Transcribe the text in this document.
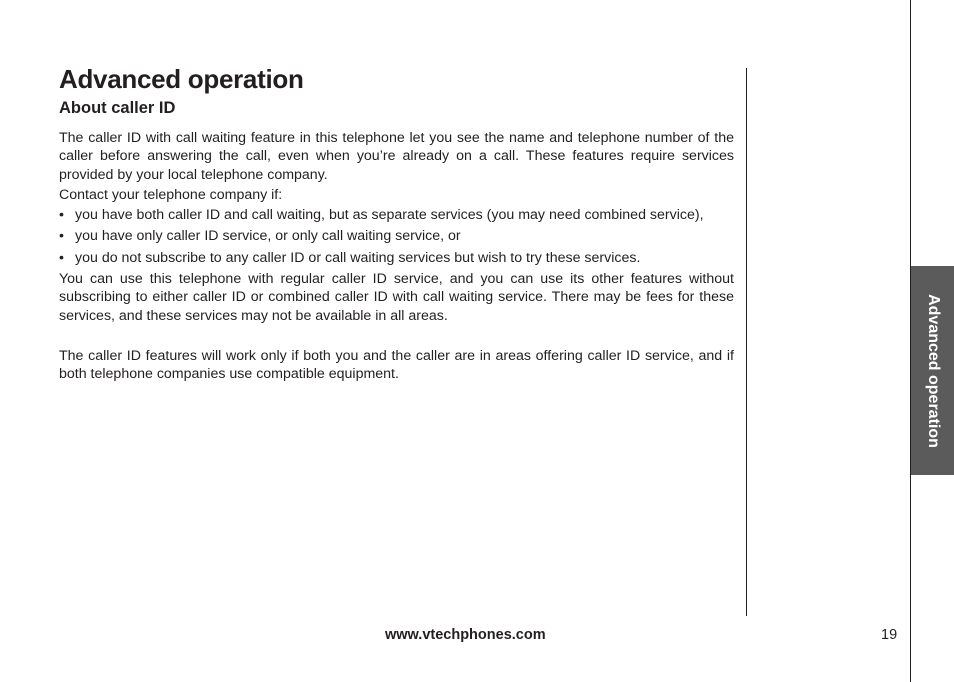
Advanced operation
About caller ID

The caller ID with call waiting feature in this telephone let you see the name and telephone number of the caller before answering the call, even when you’re already on a call. These features require services provided by your local telephone company.

Contact your telephone company if:

• you have both caller ID and call waiting, but as separate services (you may need combined service),
• you have only caller ID service, or only call waiting service, or
• you do not subscribe to any caller ID or call waiting services but wish to try these services.

You can use this telephone with regular caller ID service, and you can use its other features without subscribing to either caller ID or combined caller ID with call waiting service. There may be fees for these services, and these services may not be available in all areas.

The caller ID features will work only if both you and the caller are in areas offering caller ID service, and if both telephone companies use compatible equipment.	Advanced operation
www.vtechphones.com	19
